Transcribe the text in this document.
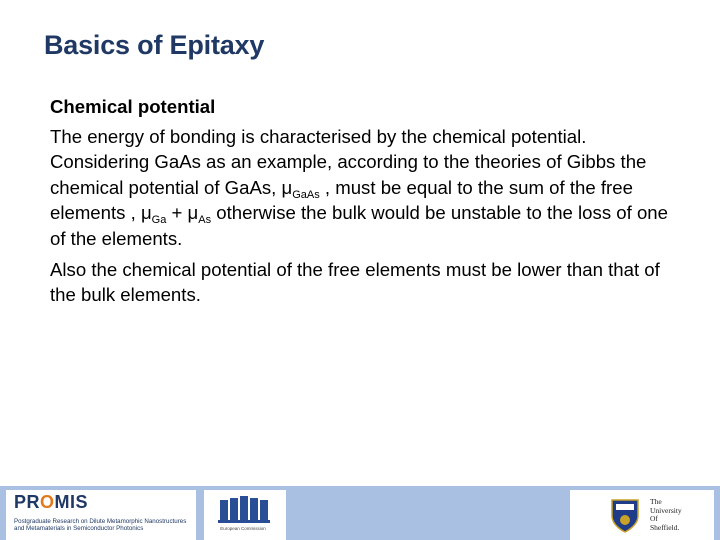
Basics of Epitaxy

Chemical potential

The energy of bonding is characterised by the chemical potential. Considering GaAs as an example, according to the theories of Gibbs the chemical potential of GaAs, $\mu_{GaAs}$ , must be equal to the sum of the free elements , $\mu_{Ga} + \mu_{As}$ otherwise the bulk would be unstable to the loss of one of the elements.

Also the chemical potential of the free elements must be lower than that of the bulk elements.

PROMIS
Postgraduate Research on Dilute Metamorphic Nanostructures and Metamaterials in Semiconductor Photonics	European Commission
The
University
Of
Sheffield.
